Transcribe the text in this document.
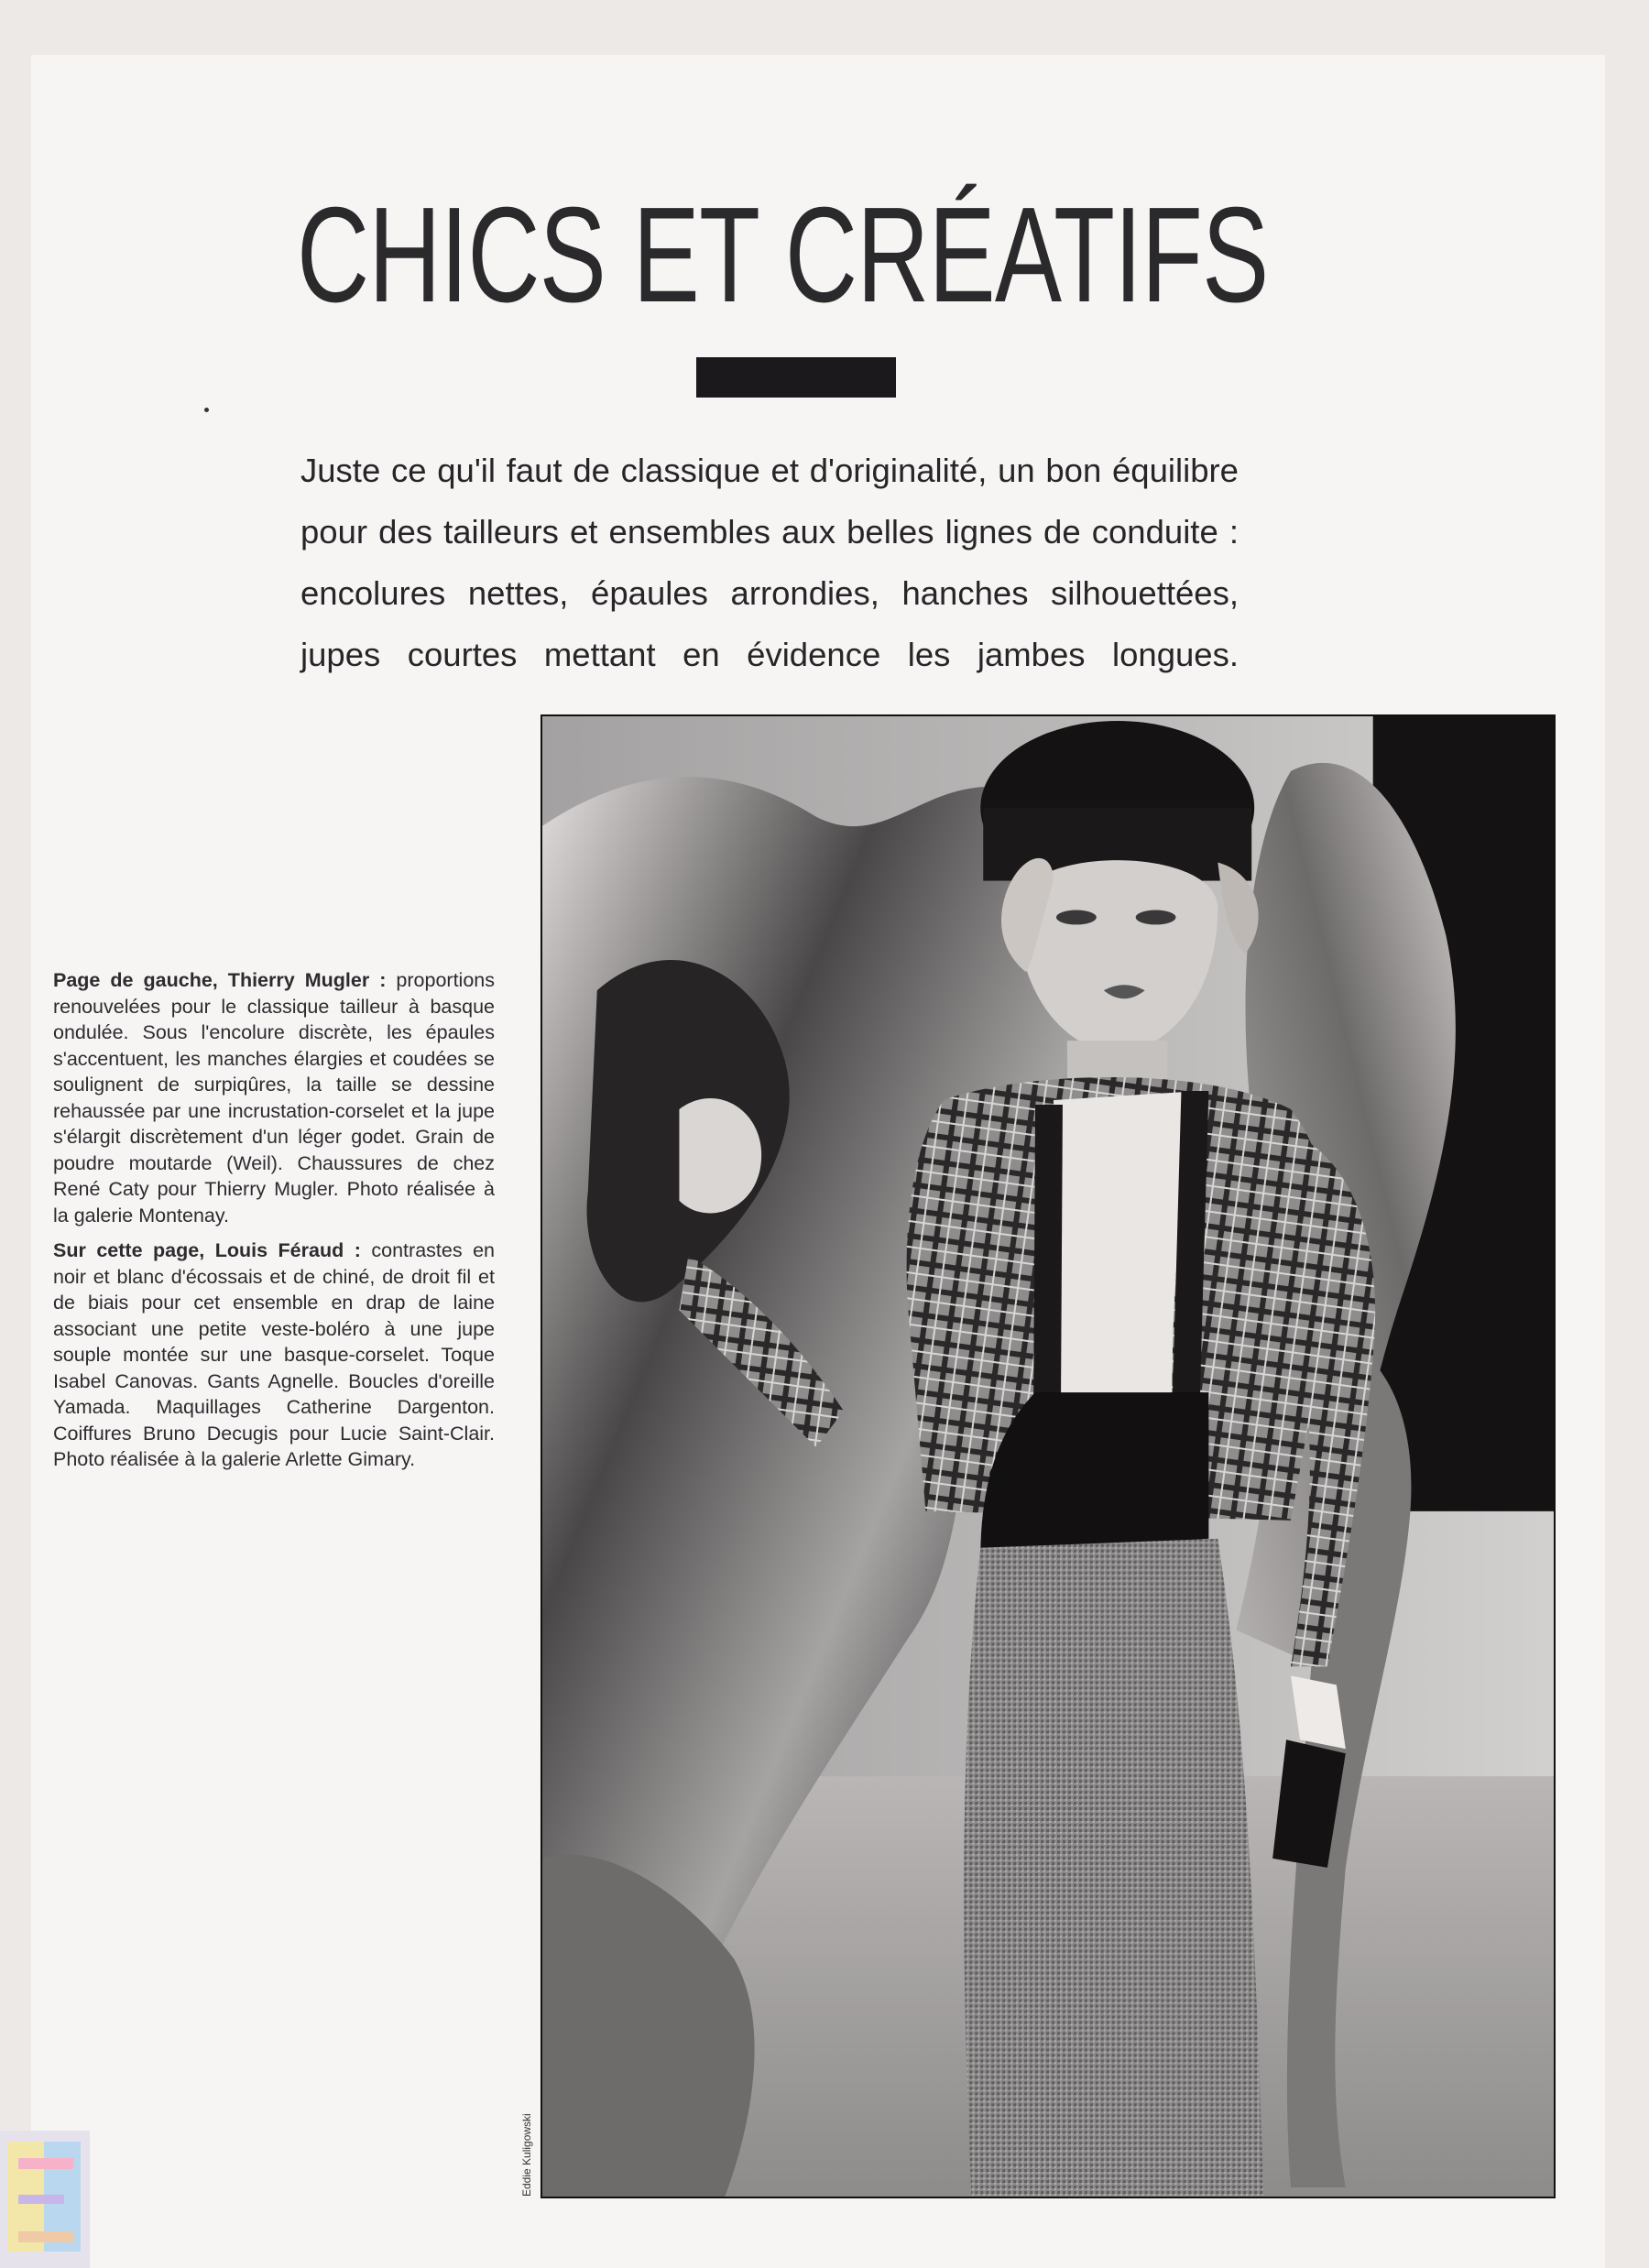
CHICS ET CRÉATIFS

Juste ce qu'il faut de classique et d'originalité, un bon équilibre
pour des tailleurs et ensembles aux belles lignes de conduite :
encolures nettes, épaules arrondies, hanches silhouettées,
jupes courtes mettant en évidence les jambes longues.

Page de gauche, Thierry Mugler : proportions renouvelées pour le classique tailleur à basque ondulée. Sous l'encolure discrète, les épaules s'accentuent, les manches élargies et coudées se soulignent de surpiqûres, la taille se dessine rehaussée par une incrustation-corselet et la jupe s'élargit discrètement d'un léger godet. Grain de poudre moutarde (Weil). Chaussures de chez René Caty pour Thierry Mugler. Photo réalisée à la galerie Montenay.

Sur cette page, Louis Féraud : contrastes en noir et blanc d'écossais et de chiné, de droit fil et de biais pour cet ensemble en drap de laine associant une petite veste-boléro à une jupe souple montée sur une basque-corselet. Toque Isabel Canovas. Gants Agnelle. Boucles d'oreille Yamada. Maquillages Catherine Dargenton. Coiffures Bruno Decugis pour Lucie Saint-Clair. Photo réalisée à la galerie Arlette Gimary.

Eddie Kuligowski
